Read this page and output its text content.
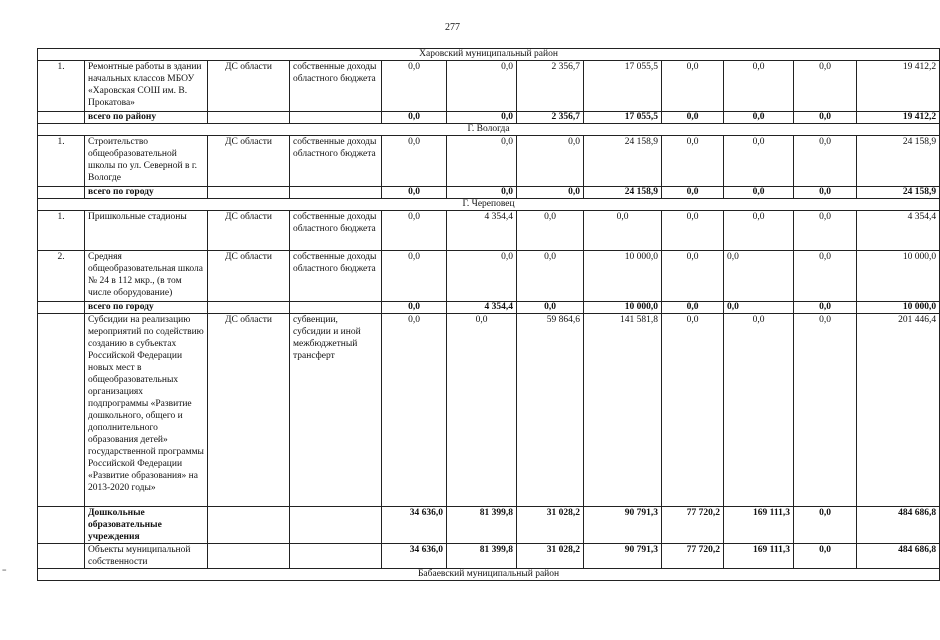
277
=
Харовский муниципальный район											
1.	Ремонтные работы в здании начальных классов МБОУ «Харовская СОШ им. В. Прокатова»	ДС области	собственные доходы областного бюджета	0,0	0,0	2 356,7	17 055,5	0,0	0,0	0,0	19 412,2
	всего по району			0,0	0,0	2 356,7	17 055,5	0,0	0,0	0,0	19 412,2
Г. Вологда											
1.	Строительство общеобразовательной школы по ул. Северной в г. Вологде	ДС области	собственные доходы областного бюджета	0,0	0,0	0,0	24 158,9	0,0	0,0	0,0	24 158,9
	всего по городу			0,0	0,0	0,0	24 158,9	0,0	0,0	0,0	24 158,9
Г. Череповец											
1.	Пришкольные стадионы	ДС области	собственные доходы областного бюджета	0,0	4 354,4	0,0	0,0	0,0	0,0	0,0	4 354,4
2.	Средняя общеобразовательная школа № 24 в 112 мкр., (в том числе оборудование)	ДС области	собственные доходы областного бюджета	0,0	0,0	0,0	10 000,0	0,0	0,0	0,0	10 000,0
	всего по городу			0,0	4 354,4	0,0	10 000,0	0,0	0,0	0,0	10 000,0
	Субсидии на реализацию мероприятий по содействию созданию в субъектах Российской Федерации новых мест в общеобразовательных организациях подпрограммы «Развитие дошкольного, общего и дополнительного образования детей» государственной программы Российской Федерации «Развитие образования» на 2013-2020 годы»	ДС области	субвенции, субсидии и иной межбюджетный трансферт	0,0	0,0	59 864,6	141 581,8	0,0	0,0	0,0	201 446,4
	Дошкольные образовательные учреждения			34 636,0	81 399,8	31 028,2	90 791,3	77 720,2	169 111,3	0,0	484 686,8
	Объекты муниципальной собственности			34 636,0	81 399,8	31 028,2	90 791,3	77 720,2	169 111,3	0,0	484 686,8
Бабаевский муниципальный район											
